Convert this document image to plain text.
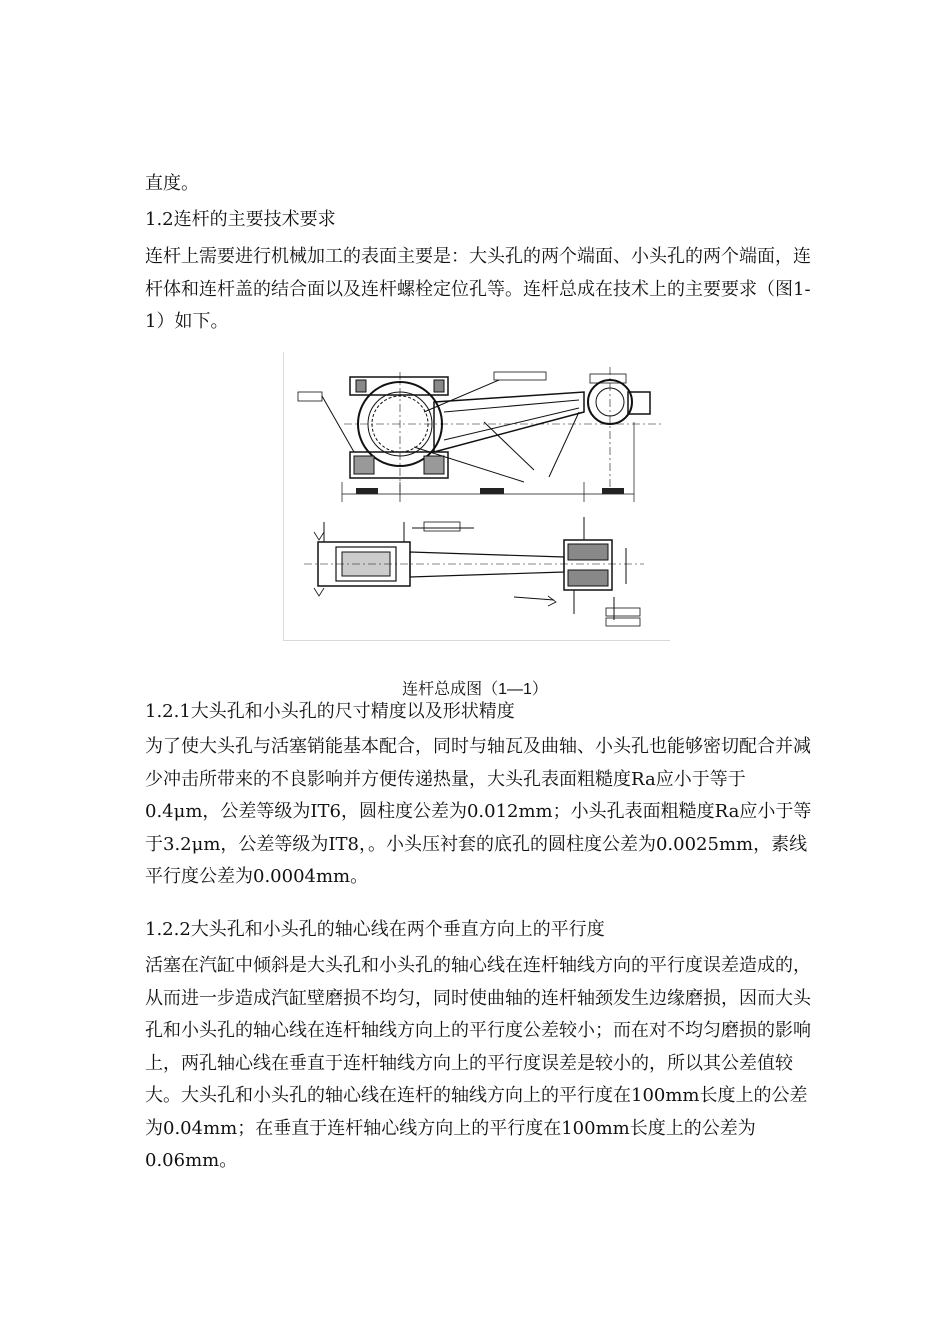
直度。

1.2连杆的主要技术要求

连杆上需要进行机械加工的表面主要是：大头孔的两个端面、小头孔的两个端面，连杆体和连杆盖的结合面以及连杆螺栓定位孔等。连杆总成在技术上的主要要求（图1-1）如下。

连杆总成图（1—1）

1.2.1大头孔和小头孔的尺寸精度以及形状精度

为了使大头孔与活塞销能基本配合，同时与轴瓦及曲轴、小头孔也能够密切配合并减少冲击所带来的不良影响并方便传递热量，大头孔表面粗糙度Ra应小于等于0.4μm，公差等级为IT6，圆柱度公差为0.012mm；小头孔表面粗糙度Ra应小于等于3.2μm，公差等级为IT8，。小头压衬套的底孔的圆柱度公差为0.0025mm，素线平行度公差为0.0004mm。

1.2.2大头孔和小头孔的轴心线在两个垂直方向上的平行度

活塞在汽缸中倾斜是大头孔和小头孔的轴心线在连杆轴线方向的平行度误差造成的，从而进一步造成汽缸壁磨损不均匀，同时使曲轴的连杆轴颈发生边缘磨损，因而大头孔和小头孔的轴心线在连杆轴线方向上的平行度公差较小；而在对不均匀磨损的影响上，两孔轴心线在垂直于连杆轴线方向上的平行度误差是较小的，所以其公差值较大。大头孔和小头孔的轴心线在连杆的轴线方向上的平行度在100mm长度上的公差为0.04mm；在垂直于连杆轴心线方向上的平行度在100mm长度上的公差为0.06mm。
